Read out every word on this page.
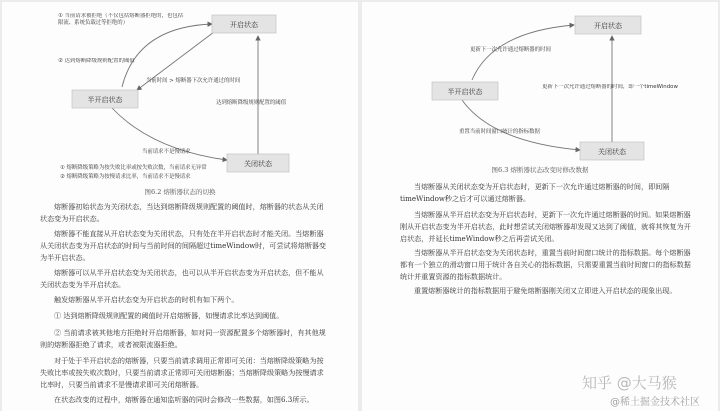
开启状态
半开启状态
关闭状态
① 当前请求被拒绝（不仅包括熔断器拒绝的，也包括限流、系统负载过等拒绝的）
② 达到熔断降级规则配置的阈值
当前时间 > 熔断器下次允许通过的时间
达到熔断降级规则配置的阈值
当前请求不是慢请求
① 熔断降级策略为按失败比率或按失败次数，当前请求无异常
② 熔断降级策略为按慢请求比率，当前请求不是慢请求
图6.2 熔断器状态的切换

熔断器初始状态为关闭状态，当达到熔断降级规则配置的阈值时，熔断器的状态从关闭状态变为开启状态。

熔断器不能直接从开启状态变为关闭状态，只有处在半开启状态时才能关闭。当熔断器从关闭状态变为开启状态的时间与当前时间的间隔超过timeWindow时，可尝试将熔断器变为半开启状态。

熔断器可以从半开启状态变为关闭状态，也可以从半开启状态变为开启状态，但不能从关闭状态变为半开启状态。

触发熔断器从半开启状态变为开启状态的时机有如下两个。

① 达到熔断降级规则配置的阈值时开启熔断器，如慢请求比率达到阈值。

② 当前请求被其他地方拒绝时开启熔断器，如对同一资源配置多个熔断器时，有其他规则的熔断器拒绝了请求，或者被限流器拒绝。

对于处于半开启状态的熔断器，只要当前请求调用正常即可关闭：当熔断降级策略为按失败比率或按失败次数时，只要当前请求正常即可关闭熔断器；当熔断降级策略为按慢请求比率时，只要当前请求不是慢请求即可关闭熔断器。

在状态改变的过程中，熔断器在通知监听器的同时会修改一些数据，如图6.3所示。

开启状态
半开启状态
关闭状态
更新下一次允许通过熔断器的时间
更新下一次允许通过熔断器的时间，即一个timeWindow
重置当前时间窗口统计的指标数据
图6.3 熔断器状态改变时修改数据

当熔断器从关闭状态变为开启状态时，更新下一次允许通过熔断器的时间，即间隔timeWindow秒之后才可以通过熔断器。

当熔断器从半开启状态变为开启状态时，更新下一次允许通过熔断器的时间。如果熔断器刚从开启状态变为半开启状态，此时想尝试关闭熔断器却发现又达到了阈值，就将其恢复为开启状态，并延长timeWindow秒之后再尝试关闭。

当熔断器从半开启状态变为关闭状态时，重置当前时间窗口统计的指标数据。每个熔断器都有一个独立的滑动窗口用于统计各自关心的指标数据，只需要重置当前时间窗口的指标数据统计并重置资源的指标数据统计。

重置熔断器统计的指标数据用于避免熔断器刚关闭又立即进入开启状态的现象出现。

知乎 @大马猴
@稀土掘金技术社区
